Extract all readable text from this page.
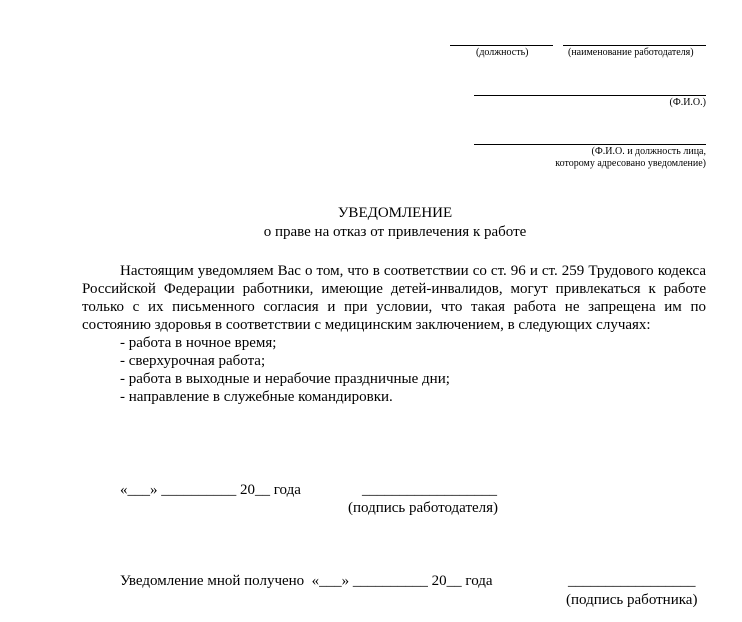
(должность)	(наименование работодателя)
(Ф.И.О.)
(Ф.И.О. и должность лица,
которому адресовано уведомление)
УВЕДОМЛЕНИЕ
о праве на отказ от привлечения к работе

Настоящим уведомляем Вас о том, что в соответствии со ст. 96 и ст. 259 Трудового кодекса Российской Федерации работники, имеющие детей-инвалидов, могут привлекаться к работе только с их письменного согласия и при условии, что такая работа не запрещена им по состоянию здоровья в соответствии с медицинским заключением, в следующих случаях:

- работа в ночное время;

- сверхурочная работа;

- работа в выходные и нерабочие праздничные дни;

- направление в служебные командировки.

«___» __________ 20__ года	__________________
(подпись работодателя)
Уведомление мной получено  «___» __________ 20__ года	_________________
(подпись работника)
